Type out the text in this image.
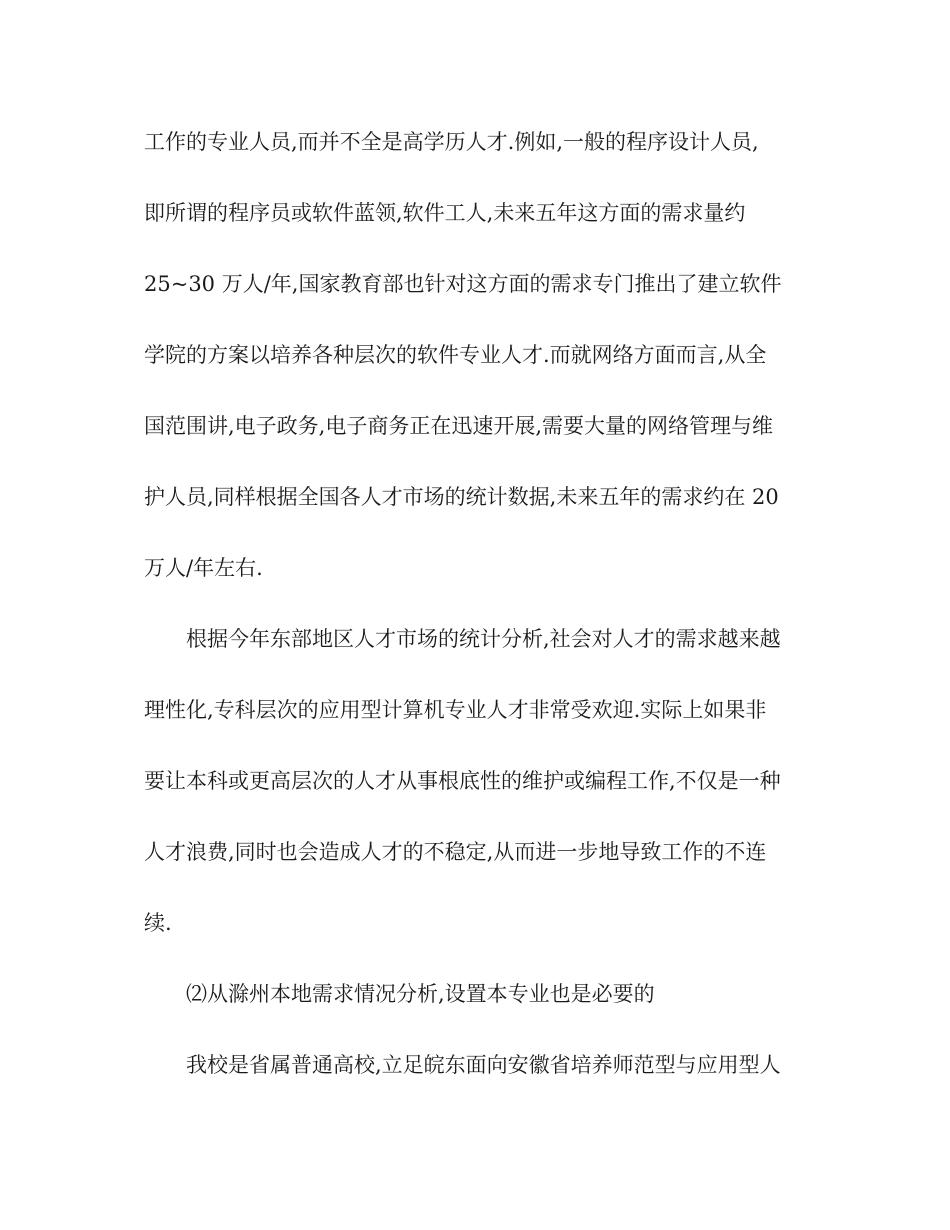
工作的专业人员,而并不全是高学历人才.例如,一般的程序设计人员,
即所谓的程序员或软件蓝领,软件工人,未来五年这方面的需求量约
25~30 万人/年,国家教育部也针对这方面的需求专门推出了建立软件
学院的方案以培养各种层次的软件专业人才.而就网络方面而言,从全
国范围讲,电子政务,电子商务正在迅速开展,需要大量的网络管理与维
护人员,同样根据全国各人才市场的统计数据,未来五年的需求约在 20
万人/年左右.
根据今年东部地区人才市场的统计分析,社会对人才的需求越来越
理性化,专科层次的应用型计算机专业人才非常受欢迎.实际上如果非
要让本科或更高层次的人才从事根底性的维护或编程工作,不仅是一种
人才浪费,同时也会造成人才的不稳定,从而进一步地导致工作的不连
续.
⑵从滁州本地需求情况分析,设置本专业也是必要的
我校是省属普通高校,立足皖东面向安徽省培养师范型与应用型人
